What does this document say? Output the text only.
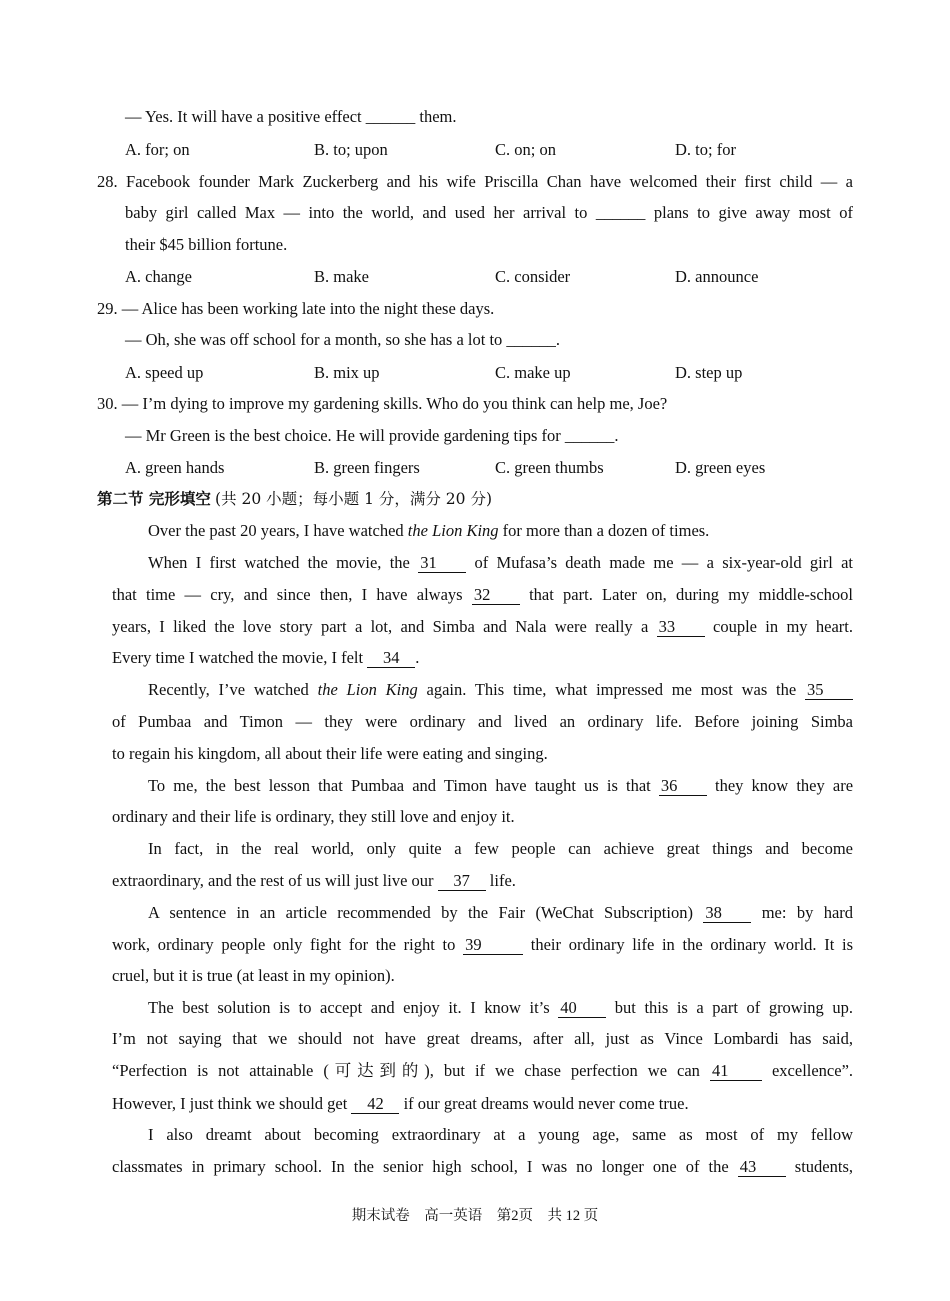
— Yes. It will have a positive effect ______ them.
A. for; on	B. to; upon	C. on; on	D. to; for
28. Facebook founder Mark Zuckerberg and his wife Priscilla Chan have welcomed their first child — a
baby girl called Max — into the world, and used her arrival to ______ plans to give away most of
their $45 billion fortune.
A. change	B. make	C. consider	D. announce
29. — Alice has been working late into the night these days.
— Oh, she was off school for a month, so she has a lot to ______.
A. speed up	B. mix up	C. make up	D. step up
30. — I’m dying to improve my gardening skills. Who do you think can help me, Joe?
— Mr Green is the best choice. He will provide gardening tips for ______.
A. green hands	B. green fingers	C. green thumbs	D. green eyes
第二节 完形填空 (共 20 小题；每小题 1 分，满分 20 分)
Over the past 20 years, I have watched the Lion King for more than a dozen of times.
When I first watched the movie, the 31 of Mufasa’s death made me — a six-year-old girl at
that time — cry, and since then, I have always 32 that part. Later on, during my middle-school
years, I liked the love story part a lot, and Simba and Nala were really a 33 couple in my heart.
Every time I watched the movie, I felt 34 .
Recently, I’ve watched the Lion King again. This time, what impressed me most was the 35
of Pumbaa and Timon — they were ordinary and lived an ordinary life. Before joining Simba
to regain his kingdom, all about their life were eating and singing.
To me, the best lesson that Pumbaa and Timon have taught us is that 36 they know they are
ordinary and their life is ordinary, they still love and enjoy it.
In fact, in the real world, only quite a few people can achieve great things and become
extraordinary, and the rest of us will just live our 37 life.
A sentence in an article recommended by the Fair (WeChat Subscription) 38 me: by hard
work, ordinary people only fight for the right to 39	their ordinary life in the ordinary world. It is
cruel, but it is true (at least in my opinion).
The best solution is to accept and enjoy it. I know it’s 40 but this is a part of growing up.
I’m not saying that we should not have great dreams, after all, just as Vince Lombardi has said,
“Perfection is not attainable (可达到的), but if we chase perfection we can 41	excellence”.
However, I just think we should get 42 if our great dreams would never come true.
I also dreamt about becoming extraordinary at a young age, same as most of my fellow
classmates in primary school. In the senior high school, I was no longer one of the 43 students,
期末试卷　高一英语　第2页　共 12 页
